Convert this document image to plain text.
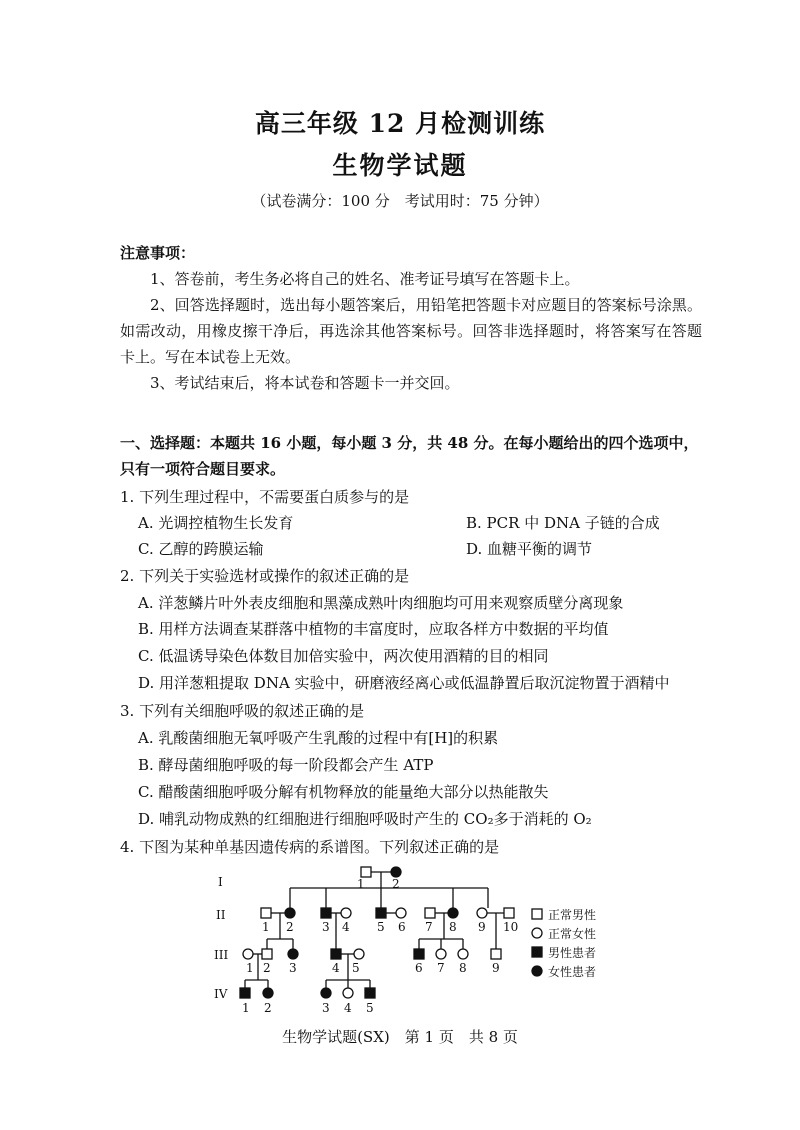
高三年级 12 月检测训练
生物学试题
（试卷满分：100 分　考试用时：75 分钟）
注意事项：

1、答卷前，考生务必将自己的姓名、准考证号填写在答题卡上。

2、回答选择题时，选出每小题答案后，用铅笔把答题卡对应题目的答案标号涂黑。如需改动，用橡皮擦干净后，再选涂其他答案标号。回答非选择题时，将答案写在答题卡上。写在本试卷上无效。

3、考试结束后，将本试卷和答题卡一并交回。

一、选择题：本题共 16 小题，每小题 3 分，共 48 分。在每小题给出的四个选项中，只有一项符合题目要求。

1. 下列生理过程中，不需要蛋白质参与的是
A. 光调控植物生长发育	B. PCR 中 DNA 子链的合成
C. 乙醇的跨膜运输	D. 血糖平衡的调节
2. 下列关于实验选材或操作的叙述正确的是
A. 洋葱鳞片叶外表皮细胞和黑藻成熟叶肉细胞均可用来观察质壁分离现象
B. 用样方法调查某群落中植物的丰富度时，应取各样方中数据的平均值
C. 低温诱导染色体数目加倍实验中，两次使用酒精的目的相同
D. 用洋葱粗提取 DNA 实验中，研磨液经离心或低温静置后取沉淀物置于酒精中
3. 下列有关细胞呼吸的叙述正确的是
A. 乳酸菌细胞无氧呼吸产生乳酸的过程中有[H]的积累
B. 酵母菌细胞呼吸的每一阶段都会产生 ATP
C. 醋酸菌细胞呼吸分解有机物释放的能量绝大部分以热能散失
D. 哺乳动物成熟的红细胞进行细胞呼吸时产生的 CO₂多于消耗的 O₂
4. 下图为某种单基因遗传病的系谱图。下列叙述正确的是
I
II
III
IV
1 2
1 2 3 4 5 6 7 8 9 10
1 2 3	4 5	6 7 8 9
1 2	3 4 5
正常男性
正常女性
男性患者
女性患者
生物学试题(SX)　第 1 页　共 8 页
